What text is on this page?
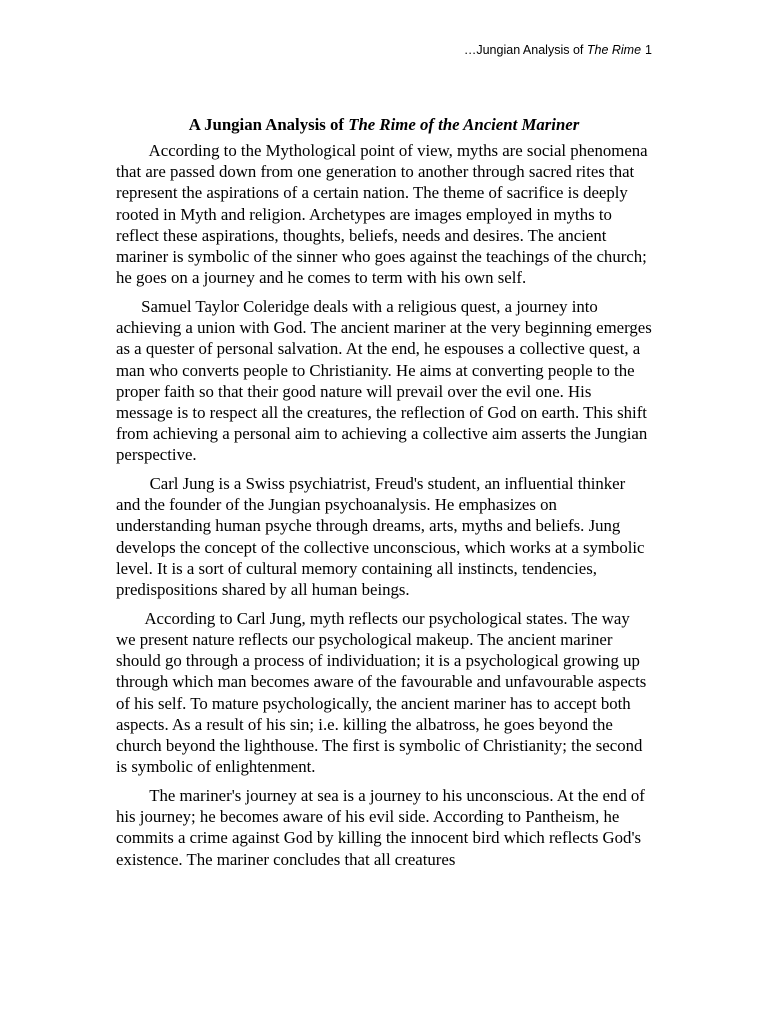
…Jungian Analysis of The Rime 1
A Jungian Analysis of The Rime of the Ancient Mariner
According to the Mythological point of view, myths are social phenomena that are passed down from one generation to another through sacred rites that represent the aspirations of a certain nation. The theme of sacrifice is deeply rooted in Myth and religion. Archetypes are images employed in myths to reflect these aspirations, thoughts, beliefs, needs and desires. The ancient mariner is symbolic of the sinner who goes against the teachings of the church; he goes on a journey and he comes to term with his own self.
Samuel Taylor Coleridge deals with a religious quest, a journey into achieving a union with God. The ancient mariner at the very beginning emerges as a quester of personal salvation. At the end, he espouses a collective quest, a man who converts people to Christianity. He aims at converting people to the proper faith so that their good nature will prevail over the evil one. His message is to respect all the creatures, the reflection of God on earth. This shift from achieving a personal aim to achieving a collective aim asserts the Jungian perspective.
Carl Jung is a Swiss psychiatrist, Freud's student, an influential thinker and the founder of the Jungian psychoanalysis. He emphasizes on understanding human psyche through dreams, arts, myths and beliefs. Jung develops the concept of the collective unconscious, which works at a symbolic level. It is a sort of cultural memory containing all instincts, tendencies, predispositions shared by all human beings.
According to Carl Jung, myth reflects our psychological states. The way we present nature reflects our psychological makeup. The ancient mariner should go through a process of individuation; it is a psychological growing up through which man becomes aware of the favourable and unfavourable aspects of his self. To mature psychologically, the ancient mariner has to accept both aspects. As a result of his sin; i.e. killing the albatross, he goes beyond the church beyond the lighthouse. The first is symbolic of Christianity; the second is symbolic of enlightenment.
The mariner's journey at sea is a journey to his unconscious. At the end of his journey; he becomes aware of his evil side. According to Pantheism, he commits a crime against God by killing the innocent bird which reflects God's existence. The mariner concludes that all creatures
